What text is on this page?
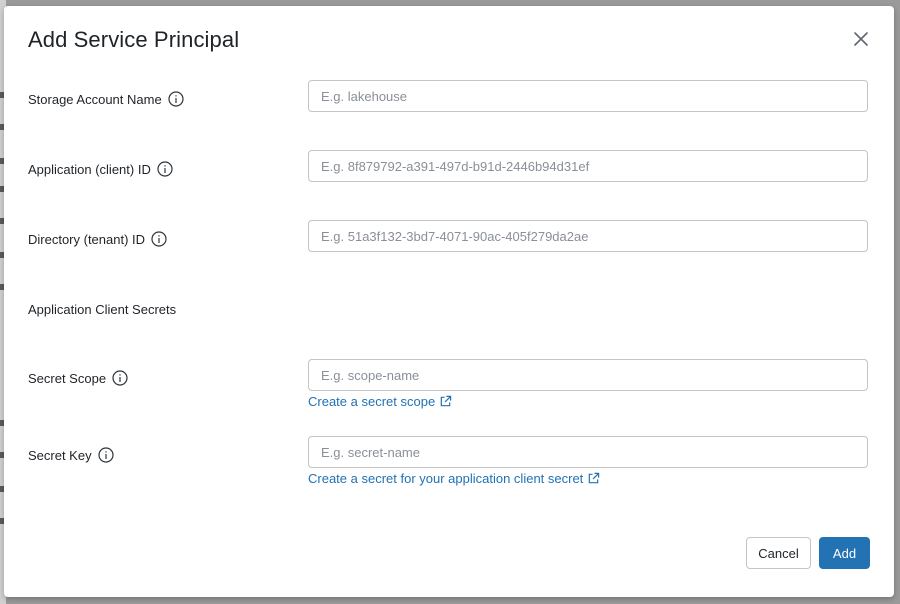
Add Service Principal
Storage Account Name
E.g. lakehouse
Application (client) ID
E.g. 8f879792-a391-497d-b91d-2446b94d31ef
Directory (tenant) ID
E.g. 51a3f132-3bd7-4071-90ac-405f279da2ae
Application Client Secrets
Secret Scope
E.g. scope-name
Create a secret scope
Secret Key
E.g. secret-name
Create a secret for your application client secret
Cancel	Add
